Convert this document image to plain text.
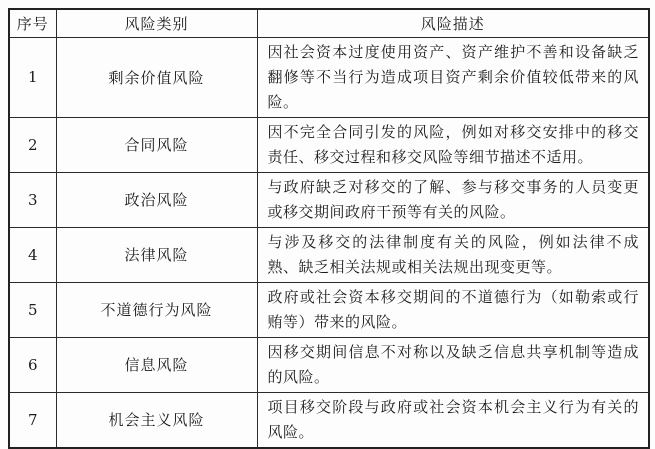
序号	风险类别	风险描述
1	剩余价值风险	因社会资本过度使用资产、资产维护不善和设备缺乏翻修等不当行为造成项目资产剩余价值较低带来的风险。
2	合同风险	因不完全合同引发的风险，例如对移交安排中的移交责任、移交过程和移交风险等细节描述不适用。
3	政治风险	与政府缺乏对移交的了解、参与移交事务的人员变更或移交期间政府干预等有关的风险。
4	法律风险	与涉及移交的法律制度有关的风险，例如法律不成熟、缺乏相关法规或相关法规出现变更等。
5	不道德行为风险	政府或社会资本移交期间的不道德行为（如勒索或行贿等）带来的风险。
6	信息风险	因移交期间信息不对称以及缺乏信息共享机制等造成的风险。
7	机会主义风险	项目移交阶段与政府或社会资本机会主义行为有关的风险。
